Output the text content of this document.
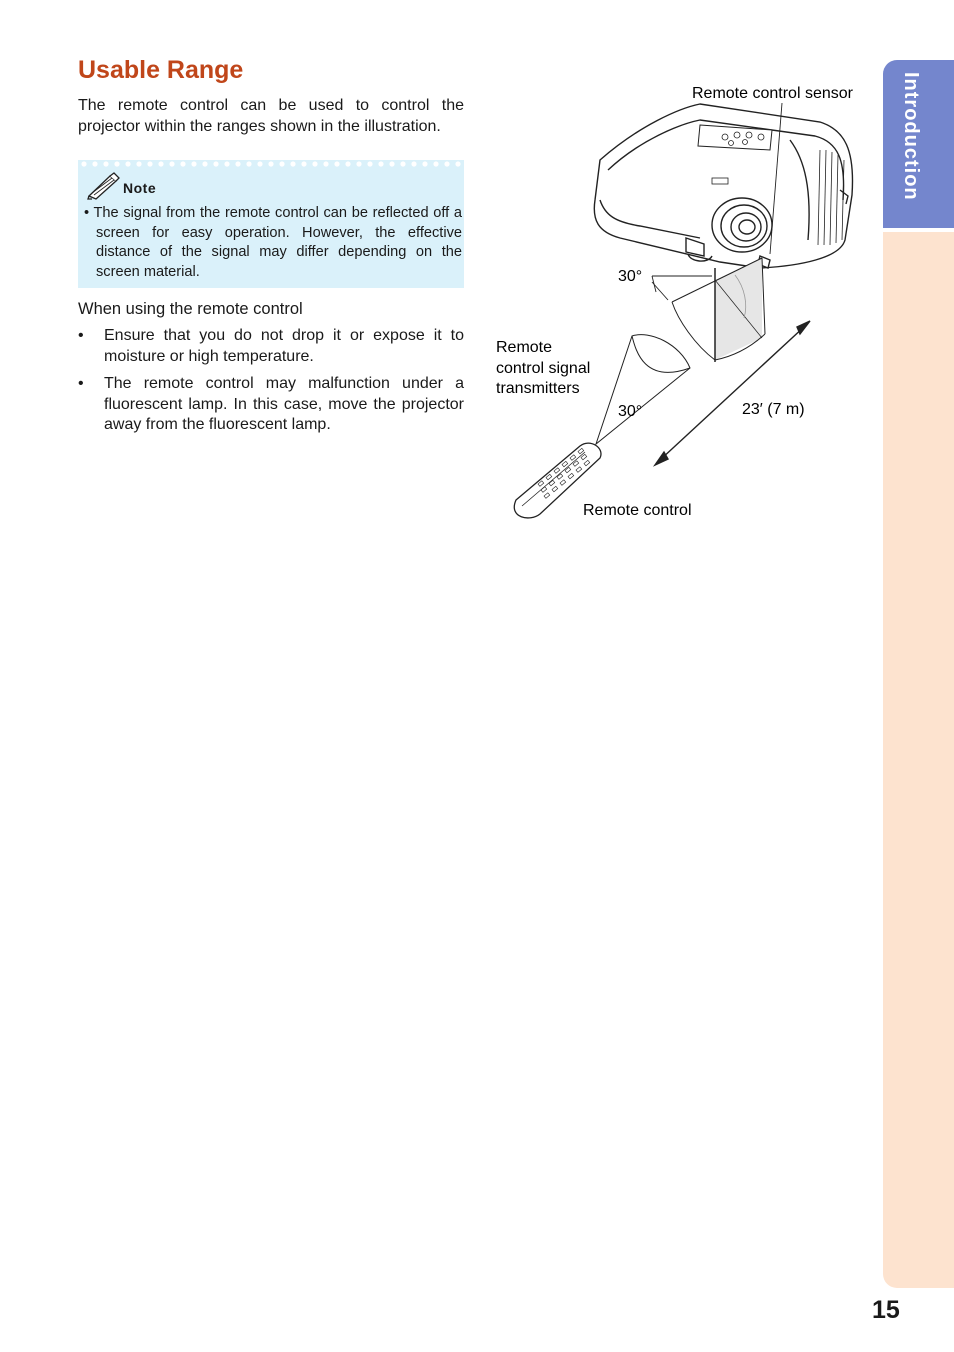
Usable Range
The remote control can be used to control the projector within the ranges shown in the illustration.
Note
• The signal from the remote control can be reflected off a screen for easy operation. However, the effective distance of the signal may differ depending on the screen material.
When using the remote control
• Ensure that you do not drop it or expose it to moisture or high temperature.
• The remote control may malfunction under a fluorescent lamp. In this case, move the projector away from the fluorescent lamp.
Remote control sensor
30°
Remote
control signal
transmitters
30°	23′ (7 m)
Remote control
Introduction
15
